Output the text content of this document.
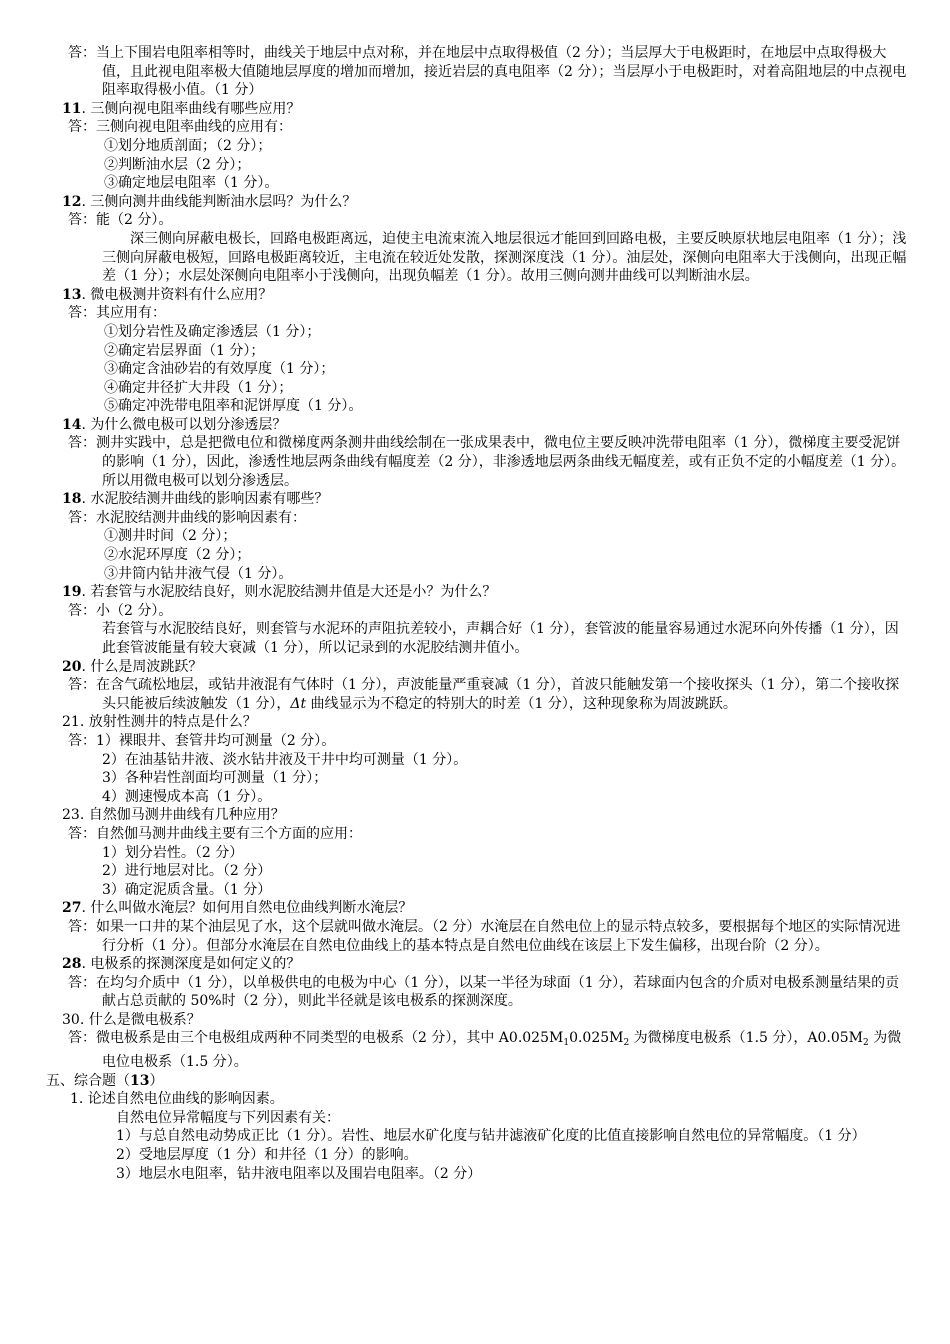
答：当上下围岩电阻率相等时，曲线关于地层中点对称，并在地层中点取得极值（2 分）；当层厚大于电极距时，在地层中点取得极大值，且此视电阻率极大值随地层厚度的增加而增加，接近岩层的真电阻率（2 分）；当层厚小于电极距时，对着高阻地层的中点视电阻率取得极小值。（1 分）
11. 三侧向视电阻率曲线有哪些应用？
答：三侧向视电阻率曲线的应用有：
①划分地质剖面；（2 分）；
②判断油水层（2 分）；
③确定地层电阻率（1 分）。
12. 三侧向测井曲线能判断油水层吗？为什么？
答：能（2 分）。
深三侧向屏蔽电极长，回路电极距离远，迫使主电流束流入地层很远才能回到回路电极，主要反映原状地层电阻率（1 分）；浅三侧向屏蔽电极短，回路电极距离较近，主电流在较近处发散，探测深度浅（1 分）。油层处，深侧向电阻率大于浅侧向，出现正幅差（1 分）；水层处深侧向电阻率小于浅侧向，出现负幅差（1 分）。故用三侧向测井曲线可以判断油水层。
13. 微电极测井资料有什么应用？
答：其应用有：
①划分岩性及确定渗透层（1 分）；
②确定岩层界面（1 分）；
③确定含油砂岩的有效厚度（1 分）；
④确定井径扩大井段（1 分）；
⑤确定冲洗带电阻率和泥饼厚度（1 分）。
14. 为什么微电极可以划分渗透层？
答：测井实践中，总是把微电位和微梯度两条测井曲线绘制在一张成果表中，微电位主要反映冲洗带电阻率（1 分），微梯度主要受泥饼的影响（1 分），因此，渗透性地层两条曲线有幅度差（2 分），非渗透地层两条曲线无幅度差，或有正负不定的小幅度差（1 分）。所以用微电极可以划分渗透层。
18. 水泥胶结测井曲线的影响因素有哪些？
答：水泥胶结测井曲线的影响因素有：
①测井时间（2 分）；
②水泥环厚度（2 分）；
③井筒内钻井液气侵（1 分）。
19. 若套管与水泥胶结良好，则水泥胶结测井值是大还是小？为什么？
答：小（2 分）。
若套管与水泥胶结良好，则套管与水泥环的声阻抗差较小，声耦合好（1 分），套管波的能量容易通过水泥环向外传播（1 分），因此套管波能量有较大衰减（1 分），所以记录到的水泥胶结测井值小。
20. 什么是周波跳跃？
答：在含气疏松地层，或钻井液混有气体时（1 分），声波能量严重衰减（1 分），首波只能触发第一个接收探头（1 分），第二个接收探头只能被后续波触发（1 分），Δt 曲线显示为不稳定的特别大的时差（1 分），这种现象称为周波跳跃。
21. 放射性测井的特点是什么？
答：1）裸眼井、套管井均可测量（2 分）。
2）在油基钻井液、淡水钻井液及干井中均可测量（1 分）。
3）各种岩性剖面均可测量（1 分）；
4）测速慢成本高（1 分）。
23. 自然伽马测井曲线有几种应用？
答：自然伽马测井曲线主要有三个方面的应用：
1）划分岩性。（2 分）
2）进行地层对比。（2 分）
3）确定泥质含量。（1 分）
27. 什么叫做水淹层？如何用自然电位曲线判断水淹层？
答：如果一口井的某个油层见了水，这个层就叫做水淹层。（2 分）水淹层在自然电位上的显示特点较多，要根据每个地区的实际情况进行分析（1 分）。但部分水淹层在自然电位曲线上的基本特点是自然电位曲线在该层上下发生偏移，出现台阶（2 分）。
28. 电极系的探测深度是如何定义的？
答：在均匀介质中（1 分），以单极供电的电极为中心（1 分），以某一半径为球面（1 分），若球面内包含的介质对电极系测量结果的贡献占总贡献的 50%时（2 分），则此半径就是该电极系的探测深度。
30. 什么是微电极系？
答：微电极系是由三个电极组成两种不同类型的电极系（2 分），其中 $A0.025M_10.025M_2$ 为微梯度电极系（1.5 分），$A0.05M_2$ 为微电位电极系（1.5 分）。
五、综合题（13）
1. 论述自然电位曲线的影响因素。
自然电位异常幅度与下列因素有关：
1）与总自然电动势成正比（1 分）。岩性、地层水矿化度与钻井滤液矿化度的比值直接影响自然电位的异常幅度。（1 分）
2）受地层厚度（1 分）和井径（1 分）的影响。
3）地层水电阻率，钻井液电阻率以及围岩电阻率。（2 分）
